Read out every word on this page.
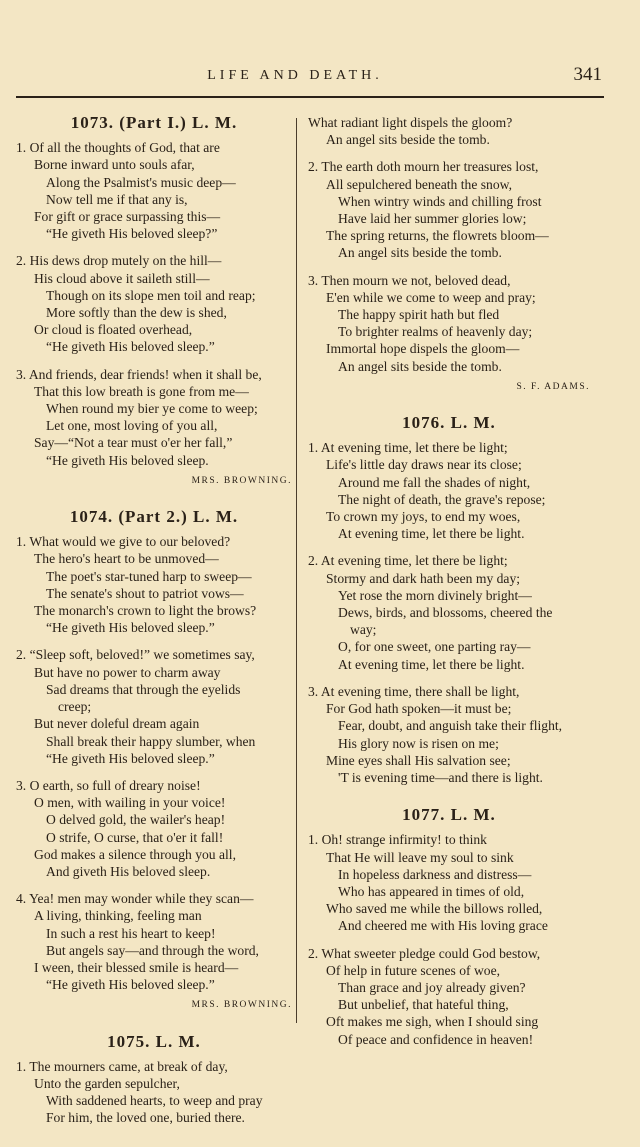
LIFE AND DEATH.	341
1073. (Part I.) L. M.
1. Of all the thoughts of God, that are
Borne inward unto souls afar,
Along the Psalmist's music deep—
Now tell me if that any is,
For gift or grace surpassing this—
“He giveth His beloved sleep?”
2. His dews drop mutely on the hill—
His cloud above it saileth still—
Though on its slope men toil and reap;
More softly than the dew is shed,
Or cloud is floated overhead,
“He giveth His beloved sleep.”
3. And friends, dear friends! when it shall be,
That this low breath is gone from me—
When round my bier ye come to weep;
Let one, most loving of you all,
Say—“Not a tear must o'er her fall,”
“He giveth His beloved sleep.
MRS. BROWNING.
1074. (Part 2.) L. M.
1. What would we give to our beloved?
The hero's heart to be unmoved—
The poet's star-tuned harp to sweep—
The senate's shout to patriot vows—
The monarch's crown to light the brows?
“He giveth His beloved sleep.”
2. “Sleep soft, beloved!” we sometimes say,
But have no power to charm away
Sad dreams that through the eyelids
creep;
But never doleful dream again
Shall break their happy slumber, when
“He giveth His beloved sleep.”
3. O earth, so full of dreary noise!
O men, with wailing in your voice!
O delved gold, the wailer's heap!
O strife, O curse, that o'er it fall!
God makes a silence through you all,
And giveth His beloved sleep.
4. Yea! men may wonder while they scan—
A living, thinking, feeling man
In such a rest his heart to keep!
But angels say—and through the word,
I ween, their blessed smile is heard—
“He giveth His beloved sleep.”
MRS. BROWNING.
1075. L. M.
1. The mourners came, at break of day,
Unto the garden sepulcher,
With saddened hearts, to weep and pray
For him, the loved one, buried there.
What radiant light dispels the gloom?
An angel sits beside the tomb.
2. The earth doth mourn her treasures lost,
All sepulchered beneath the snow,
When wintry winds and chilling frost
Have laid her summer glories low;
The spring returns, the flowrets bloom—
An angel sits beside the tomb.
3. Then mourn we not, beloved dead,
E'en while we come to weep and pray;
The happy spirit hath but fled
To brighter realms of heavenly day;
Immortal hope dispels the gloom—
An angel sits beside the tomb.
S. F. ADAMS.
1076. L. M.
1. At evening time, let there be light;
Life's little day draws near its close;
Around me fall the shades of night,
The night of death, the grave's repose;
To crown my joys, to end my woes,
At evening time, let there be light.
2. At evening time, let there be light;
Stormy and dark hath been my day;
Yet rose the morn divinely bright—
Dews, birds, and blossoms, cheered the
way;
O, for one sweet, one parting ray—
At evening time, let there be light.
3. At evening time, there shall be light,
For God hath spoken—it must be;
Fear, doubt, and anguish take their flight,
His glory now is risen on me;
Mine eyes shall His salvation see;
'T is evening time—and there is light.
1077. L. M.
1. Oh! strange infirmity! to think
That He will leave my soul to sink
In hopeless darkness and distress—
Who has appeared in times of old,
Who saved me while the billows rolled,
And cheered me with His loving grace
2. What sweeter pledge could God bestow,
Of help in future scenes of woe,
Than grace and joy already given?
But unbelief, that hateful thing,
Oft makes me sigh, when I should sing
Of peace and confidence in heaven!
